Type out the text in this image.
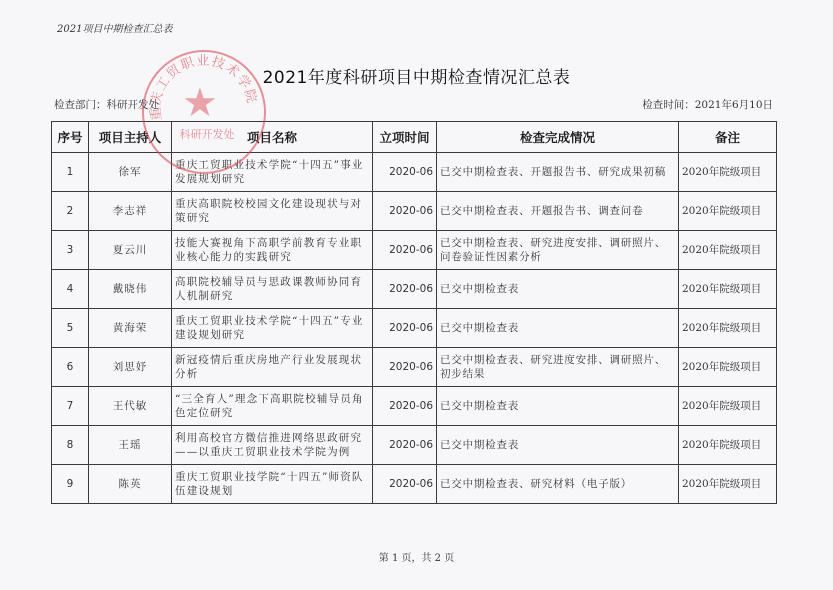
2021项目中期检查汇总表
2021年度科研项目中期检查情况汇总表
检查部门：科研开发处	检查时间：2021年6月10日
序号	项目主持人	项目名称	立项时间	检查完成情况	备注
1	徐军	重庆工贸职业技术学院“十四五”事业发展规划研究	2020-06	已交中期检查表、开题报告书、研究成果初稿	2020年院级项目
2	李志祥	重庆高职院校校园文化建设现状与对策研究	2020-06	已交中期检查表、开题报告书、调查问卷	2020年院级项目
3	夏云川	技能大赛视角下高职学前教育专业职业核心能力的实践研究	2020-06	已交中期检查表、研究进度安排、调研照片、问卷验证性因素分析	2020年院级项目
4	戴晓伟	高职院校辅导员与思政课教师协同育人机制研究	2020-06	已交中期检查表	2020年院级项目
5	黄海荣	重庆工贸职业技术学院“十四五”专业建设规划研究	2020-06	已交中期检查表	2020年院级项目
6	刘思妤	新冠疫情后重庆房地产行业发展现状分析	2020-06	已交中期检查表、研究进度安排、调研照片、初步结果	2020年院级项目
7	王代敏	“三全育人”理念下高职院校辅导员角色定位研究	2020-06	已交中期检查表	2020年院级项目
8	王瑶	利用高校官方微信推进网络思政研究——以重庆工贸职业技术学院为例	2020-06	已交中期检查表	2020年院级项目
9	陈英	重庆工贸职业技学院“十四五”师资队伍建设规划	2020-06	已交中期检查表、研究材料（电子版）	2020年院级项目
重庆工贸职业技术学院
★
科研开发处
第 1 页，共 2 页
